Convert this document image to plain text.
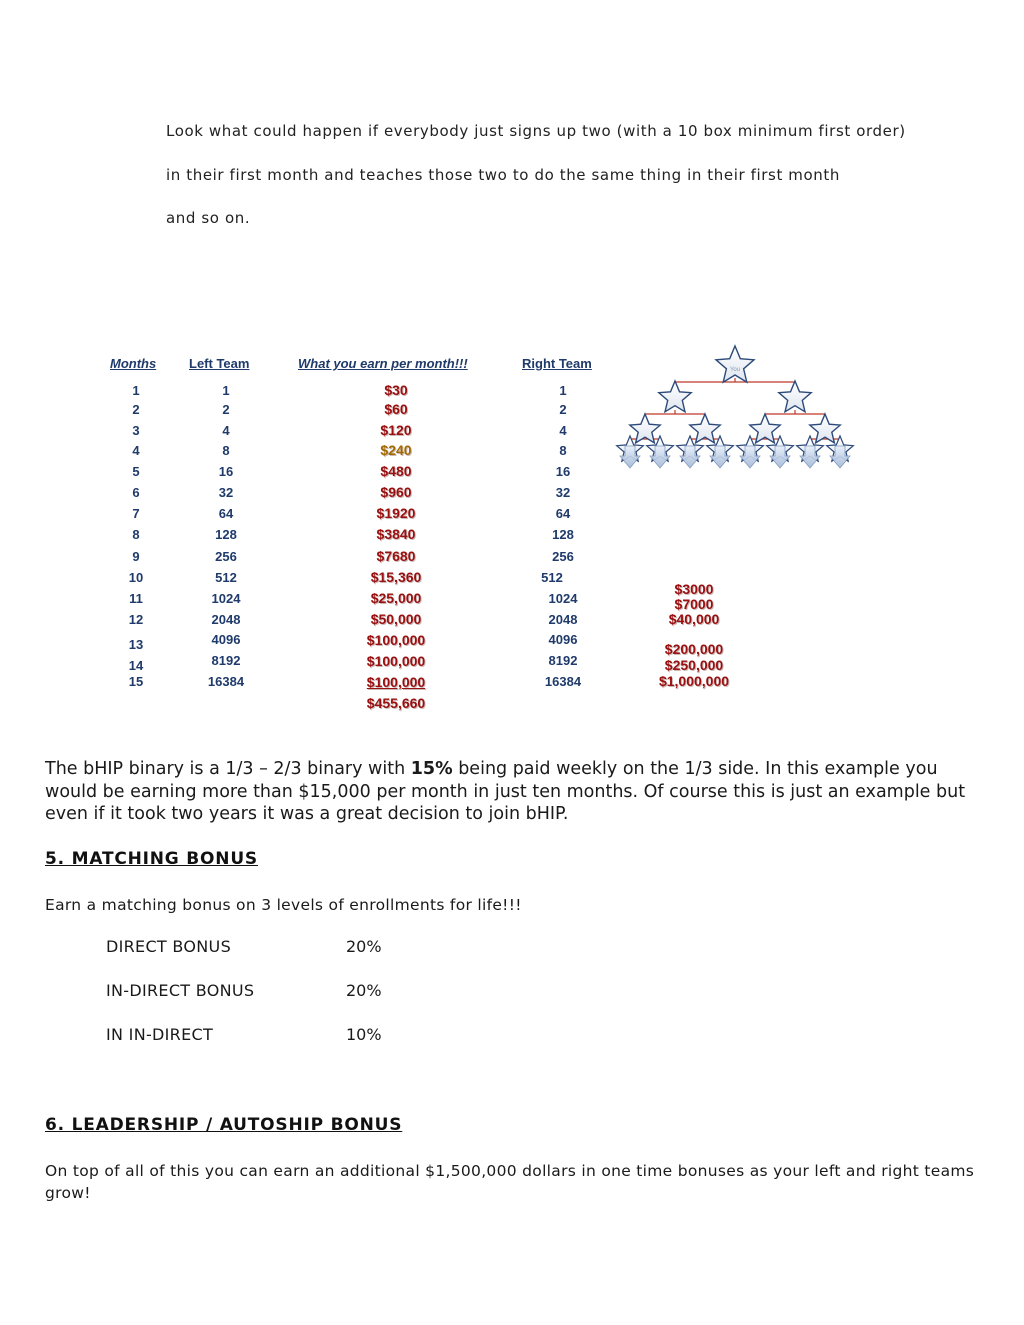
Look what could happen if everybody just signs up two (with a 10 box minimum first order)
in their first month and teaches those two to do the same thing in their first month
and so on.
Months	Left Team	What you earn per month!!!	Right Team
1	1	$30	1
2	2	$60	2
3	4	$120	4
4	8	$240	8
5	16	$480	16
6	32	$960	32
7	64	$1920	64
8	128	$3840	128
9	256	$7680	256
10	512	$15,360	512
11	1024	$25,000	1024
12	2048	$50,000	2048
13	4096	$100,000	4096
14	8192	$100,000	8192
15	16384	$100,000	16384
$455,660
$3000
$7000
$40,000
$200,000
$250,000
$1,000,000
You
The bHIP binary is a 1/3 – 2/3 binary with 15% being paid weekly on the 1/3 side. In this example you would be earning more than $15,000 per month in just ten months. Of course this is just an example but even if it took two years it was a great decision to join bHIP.
5. MATCHING BONUS
Earn a matching bonus on 3 levels of enrollments for life!!!
DIRECT BONUS	20%
IN-DIRECT BONUS	20%
IN IN-DIRECT	10%
6. LEADERSHIP / AUTOSHIP BONUS
On top of all of this you can earn an additional $1,500,000 dollars in one time bonuses as your left and right teams grow!
